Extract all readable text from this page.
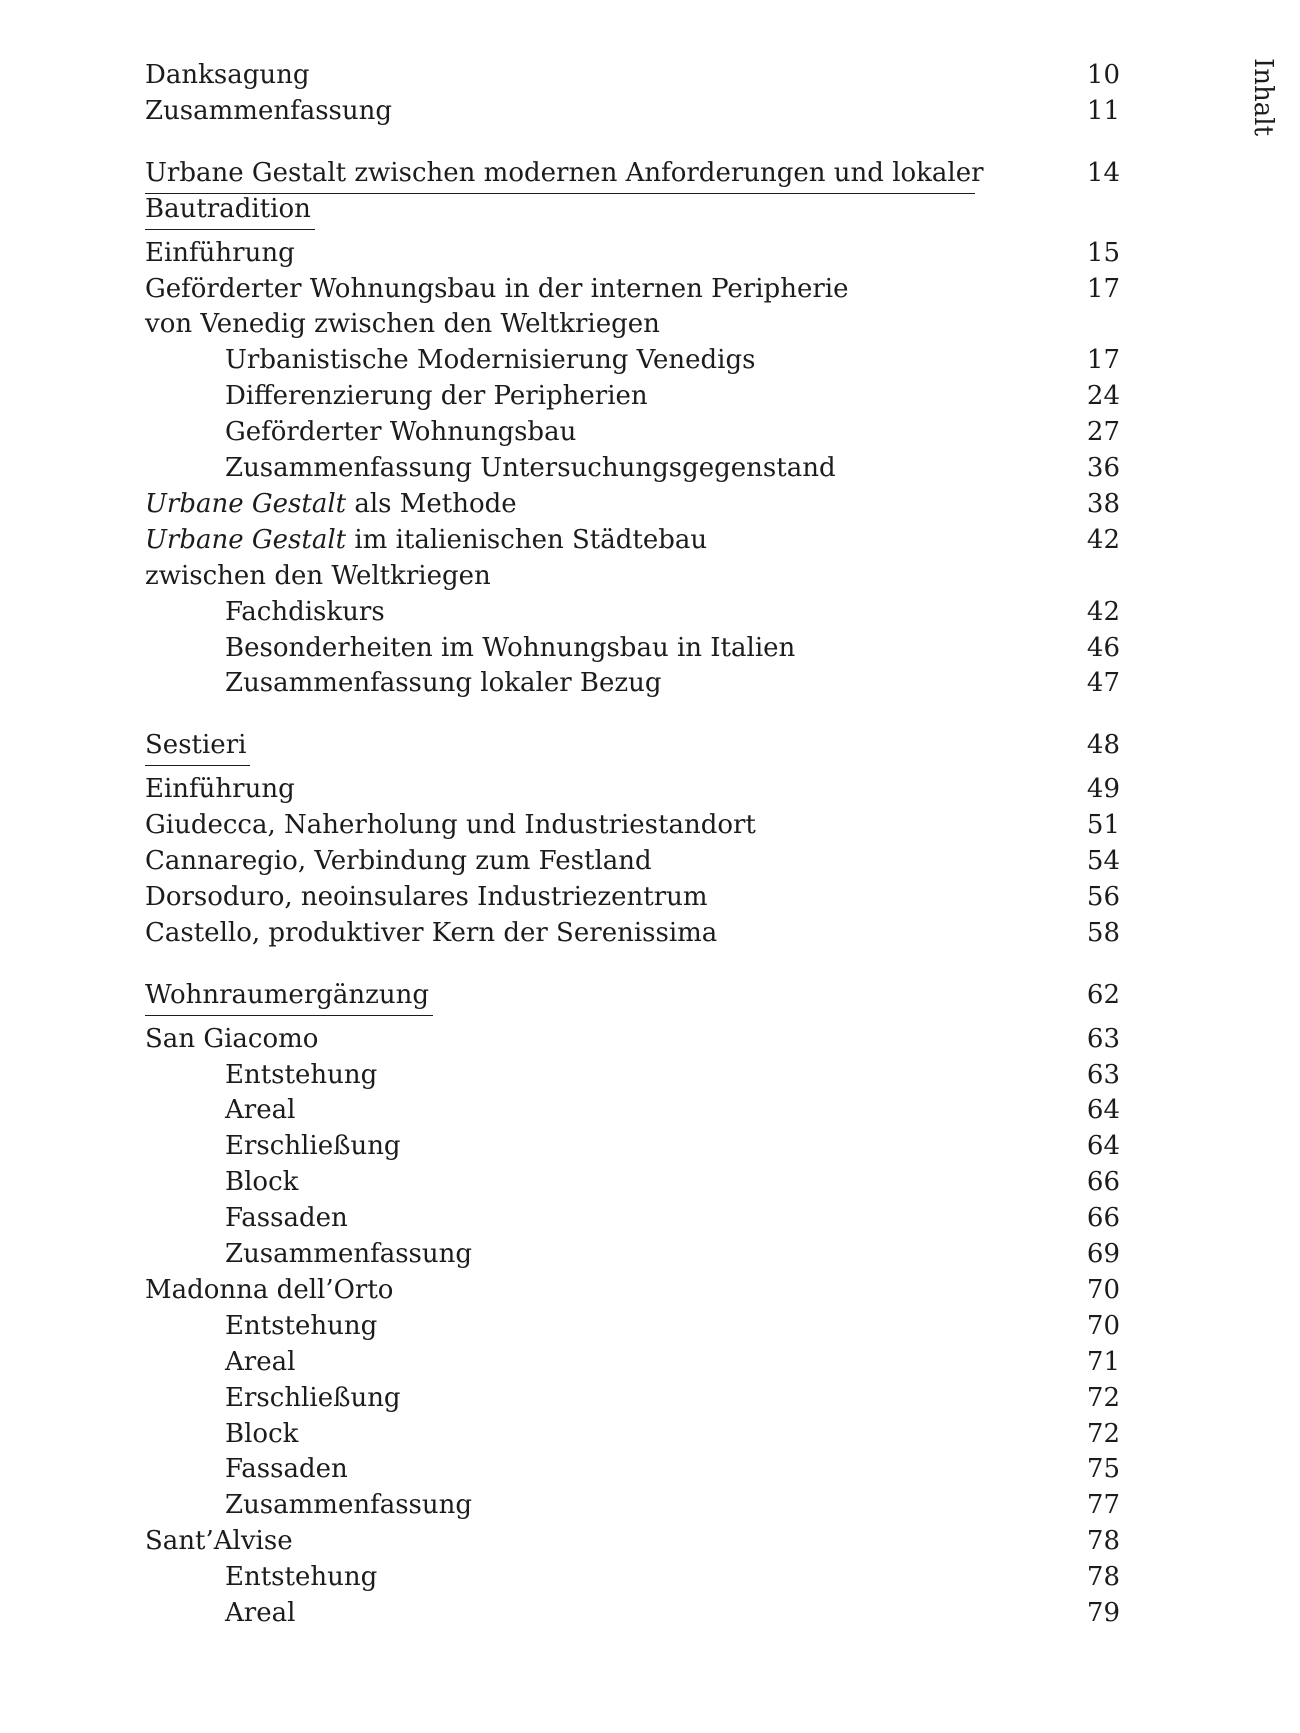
Danksagung	10
Zusammenfassung	11
Urbane Gestalt zwischen modernen Anforderungen und lokaler	14
Bautradition
Einführung	15
Geförderter Wohnungsbau in der internen Peripherie	17
von Venedig zwischen den Weltkriegen
Urbanistische Modernisierung Venedigs	17
Differenzierung der Peripherien	24
Geförderter Wohnungsbau	27
Zusammenfassung Untersuchungsgegenstand	36
Urbane Gestalt als Methode	38
Urbane Gestalt im italienischen Städtebau	42
zwischen den Weltkriegen
Fachdiskurs	42
Besonderheiten im Wohnungsbau in Italien	46
Zusammenfassung lokaler Bezug	47
Sestieri	48
Einführung	49
Giudecca, Naherholung und Industriestandort	51
Cannaregio, Verbindung zum Festland	54
Dorsoduro, neoinsulares Industriezentrum	56
Castello, produktiver Kern der Serenissima	58
Wohnraumergänzung	62
San Giacomo	63
Entstehung	63
Areal	64
Erschließung	64
Block	66
Fassaden	66
Zusammenfassung	69
Madonna dell’Orto	70
Entstehung	70
Areal	71
Erschließung	72
Block	72
Fassaden	75
Zusammenfassung	77
Sant’Alvise	78
Entstehung	78
Areal	79
Inhalt
